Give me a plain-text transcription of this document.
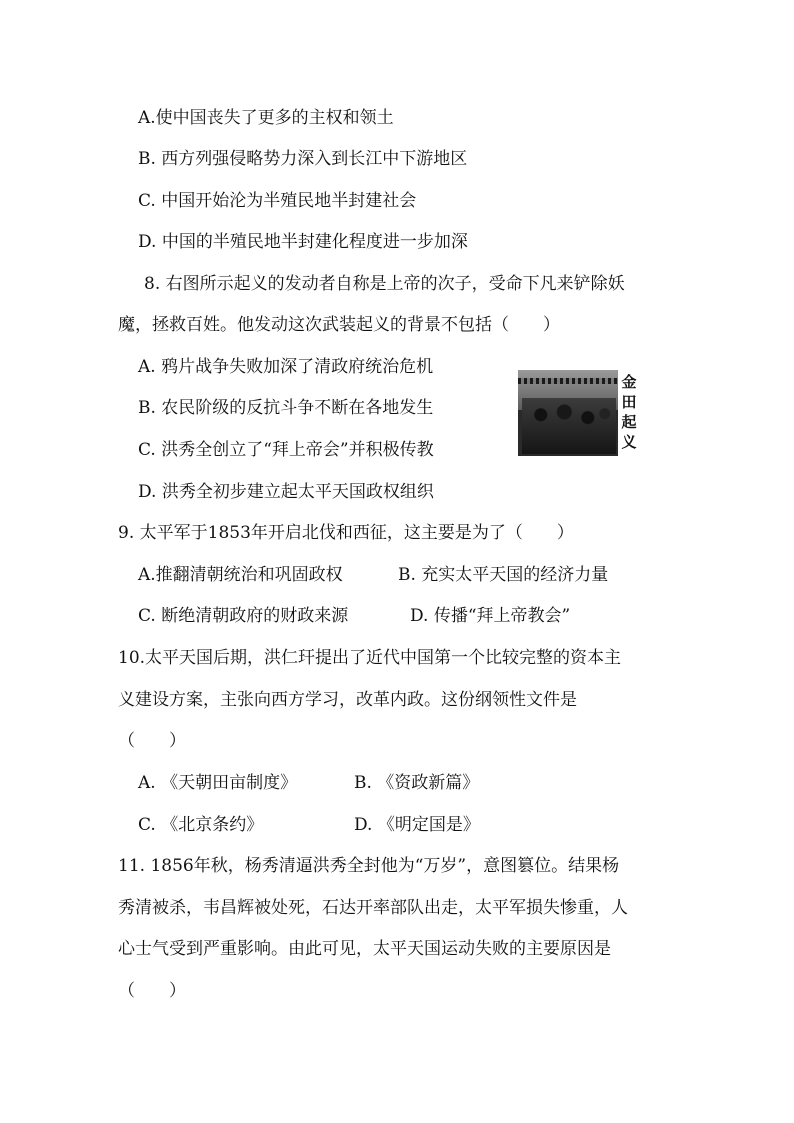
A.使中国丧失了更多的主权和领土
B. 西方列强侵略势力深入到长江中下游地区
C. 中国开始沦为半殖民地半封建社会
D. 中国的半殖民地半封建化程度进一步加深
8. 右图所示起义的发动者自称是上帝的次子，受命下凡来铲除妖
魔，拯救百姓。他发动这次武装起义的背景不包括（　　）
A. 鸦片战争失败加深了清政府统治危机
B. 农民阶级的反抗斗争不断在各地发生
C. 洪秀全创立了“拜上帝会”并积极传教
D. 洪秀全初步建立起太平天国政权组织
金田起义
9. 太平军于1853年开启北伐和西征，这主要是为了（　　）
A.推翻清朝统治和巩固政权	B. 充实太平天国的经济力量
C. 断绝清朝政府的财政来源	D. 传播“拜上帝教会”
10.太平天国后期，洪仁玕提出了近代中国第一个比较完整的资本主
义建设方案，主张向西方学习，改革内政。这份纲领性文件是
（　　）
A. 《天朝田亩制度》	B. 《资政新篇》
C. 《北京条约》	D. 《明定国是》
11. 1856年秋，杨秀清逼洪秀全封他为“万岁”，意图篡位。结果杨
秀清被杀，韦昌辉被处死，石达开率部队出走，太平军损失惨重，人
心士气受到严重影响。由此可见，太平天国运动失败的主要原因是
（　　）
